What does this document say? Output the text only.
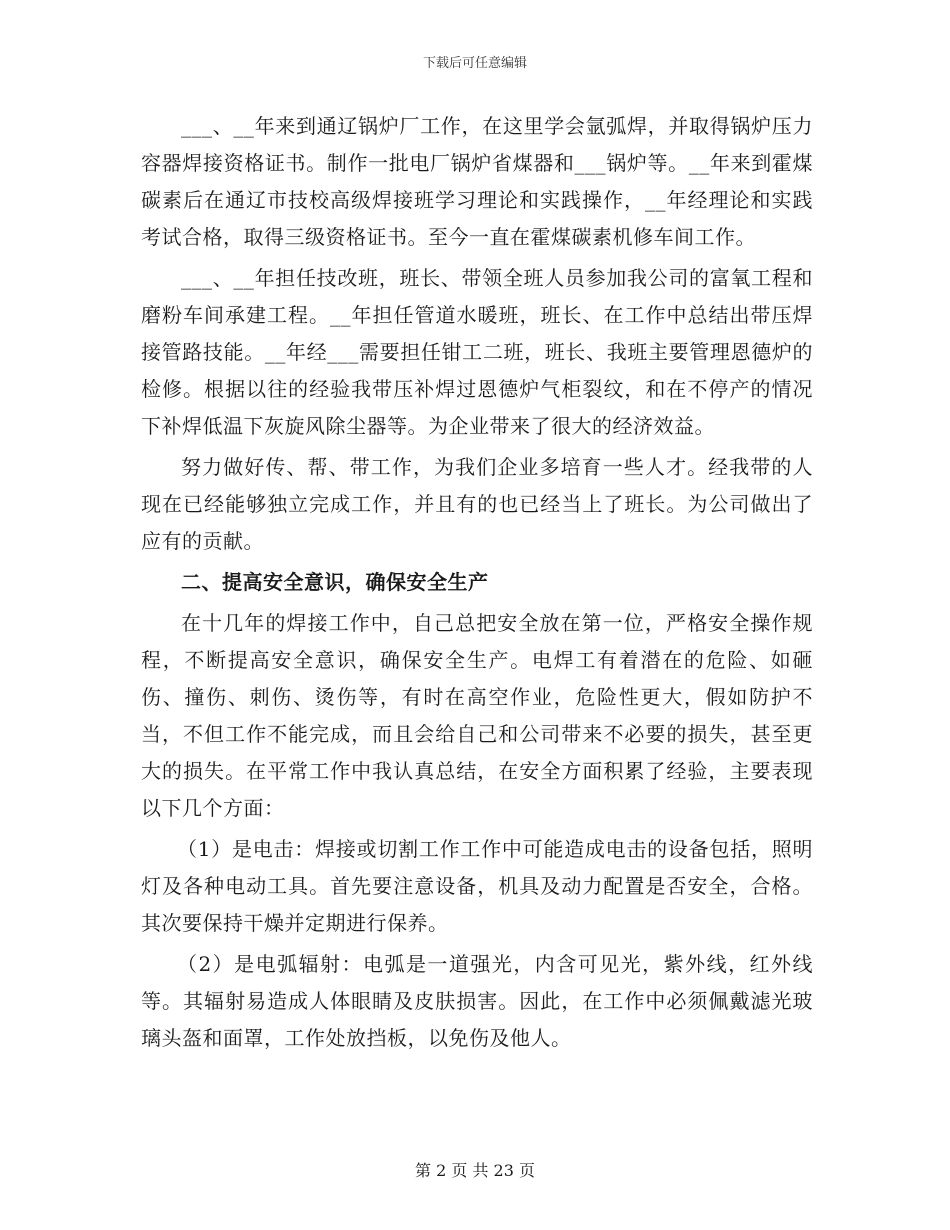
下载后可任意编辑

___、__年来到通辽锅炉厂工作，在这里学会氩弧焊，并取得锅炉压力容器焊接资格证书。制作一批电厂锅炉省煤器和___锅炉等。__年来到霍煤碳素后在通辽市技校高级焊接班学习理论和实践操作，__年经理论和实践考试合格，取得三级资格证书。至今一直在霍煤碳素机修车间工作。

___、__年担任技改班，班长、带领全班人员参加我公司的富氧工程和磨粉车间承建工程。__年担任管道水暖班，班长、在工作中总结出带压焊接管路技能。__年经___需要担任钳工二班，班长、我班主要管理恩德炉的检修。根据以往的经验我带压补焊过恩德炉气柜裂纹，和在不停产的情况下补焊低温下灰旋风除尘器等。为企业带来了很大的经济效益。

努力做好传、帮、带工作，为我们企业多培育一些人才。经我带的人现在已经能够独立完成工作，并且有的也已经当上了班长。为公司做出了应有的贡献。

二、提高安全意识，确保安全生产

在十几年的焊接工作中，自己总把安全放在第一位，严格安全操作规程，不断提高安全意识，确保安全生产。电焊工有着潜在的危险、如砸伤、撞伤、刺伤、烫伤等，有时在高空作业，危险性更大，假如防护不当，不但工作不能完成，而且会给自己和公司带来不必要的损失，甚至更大的损失。在平常工作中我认真总结，在安全方面积累了经验，主要表现以下几个方面：

（1）是电击：焊接或切割工作工作中可能造成电击的设备包括，照明灯及各种电动工具。首先要注意设备，机具及动力配置是否安全，合格。其次要保持干燥并定期进行保养。

（2）是电弧辐射：电弧是一道强光，内含可见光，紫外线，红外线等。其辐射易造成人体眼睛及皮肤损害。因此，在工作中必须佩戴滤光玻璃头盔和面罩，工作处放挡板，以免伤及他人。

第 2 页 共 23 页
